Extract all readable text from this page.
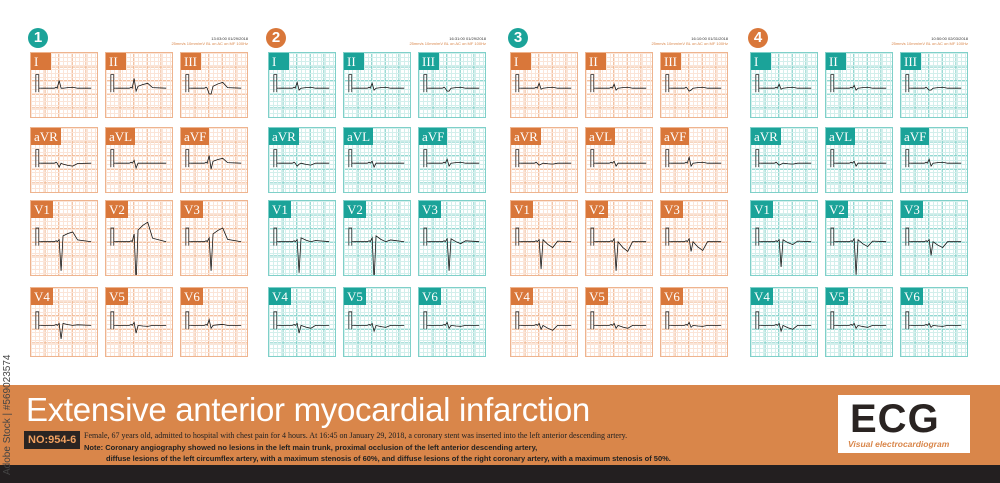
1	13:03:00 01/29/2018
25mm/s 10mm/mV BL on AC on MF 100Hz
I	II	III
aVR	aVL	aVF
V1	V2	V3
V4	V5	V6
2	16:31:00 01/29/2018
25mm/s 10mm/mV BL on AC on MF 100Hz
I	II	III
aVR	aVL	aVF
V1	V2	V3
V4	V5	V6
3	16:10:00 01/31/2018
25mm/s 10mm/mV BL on AC on MF 100Hz
I	II	III
aVR	aVL	aVF
V1	V2	V3
V4	V5	V6
4	10:50:00 02/03/2018
25mm/s 10mm/mV BL on AC on MF 100Hz
I	II	III
aVR	aVL	aVF
V1	V2	V3
V4	V5	V6
Extensive anterior myocardial infarction
NO:954-6 Female, 67 years old, admitted to hospital with chest pain for 4 hours. At 16:45 on January 29, 2018, a coronary stent was inserted into the left anterior descending artery.
Note: Coronary angiography showed no lesions in the left main trunk, proximal occlusion of the left anterior descending artery,
diffuse lesions of the left circumflex artery, with a maximum stenosis of 60%, and diffuse lesions of the right coronary artery, with a maximum stenosis of 50%.
ECG
Visual electrocardiogram
Adobe Stock | #569023574
